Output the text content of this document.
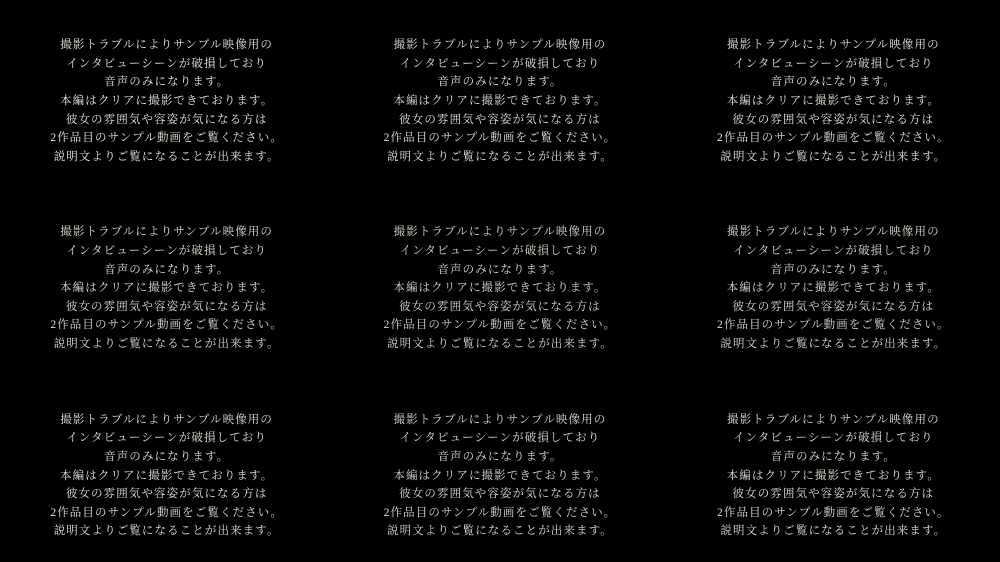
撮影トラブルによりサンプル映像用の
インタビューシーンが破損しており
音声のみになります。
本編はクリアに撮影できております。
彼女の雰囲気や容姿が気になる方は
2作品目のサンプル動画をご覧ください。
説明文よりご覧になることが出来ます。
撮影トラブルによりサンプル映像用の
インタビューシーンが破損しており
音声のみになります。
本編はクリアに撮影できております。
彼女の雰囲気や容姿が気になる方は
2作品目のサンプル動画をご覧ください。
説明文よりご覧になることが出来ます。
撮影トラブルによりサンプル映像用の
インタビューシーンが破損しており
音声のみになります。
本編はクリアに撮影できております。
彼女の雰囲気や容姿が気になる方は
2作品目のサンプル動画をご覧ください。
説明文よりご覧になることが出来ます。
撮影トラブルによりサンプル映像用の
インタビューシーンが破損しており
音声のみになります。
本編はクリアに撮影できております。
彼女の雰囲気や容姿が気になる方は
2作品目のサンプル動画をご覧ください。
説明文よりご覧になることが出来ます。
撮影トラブルによりサンプル映像用の
インタビューシーンが破損しており
音声のみになります。
本編はクリアに撮影できております。
彼女の雰囲気や容姿が気になる方は
2作品目のサンプル動画をご覧ください。
説明文よりご覧になることが出来ます。
撮影トラブルによりサンプル映像用の
インタビューシーンが破損しており
音声のみになります。
本編はクリアに撮影できております。
彼女の雰囲気や容姿が気になる方は
2作品目のサンプル動画をご覧ください。
説明文よりご覧になることが出来ます。
撮影トラブルによりサンプル映像用の
インタビューシーンが破損しており
音声のみになります。
本編はクリアに撮影できております。
彼女の雰囲気や容姿が気になる方は
2作品目のサンプル動画をご覧ください。
説明文よりご覧になることが出来ます。
撮影トラブルによりサンプル映像用の
インタビューシーンが破損しており
音声のみになります。
本編はクリアに撮影できております。
彼女の雰囲気や容姿が気になる方は
2作品目のサンプル動画をご覧ください。
説明文よりご覧になることが出来ます。
撮影トラブルによりサンプル映像用の
インタビューシーンが破損しており
音声のみになります。
本編はクリアに撮影できております。
彼女の雰囲気や容姿が気になる方は
2作品目のサンプル動画をご覧ください。
説明文よりご覧になることが出来ます。
